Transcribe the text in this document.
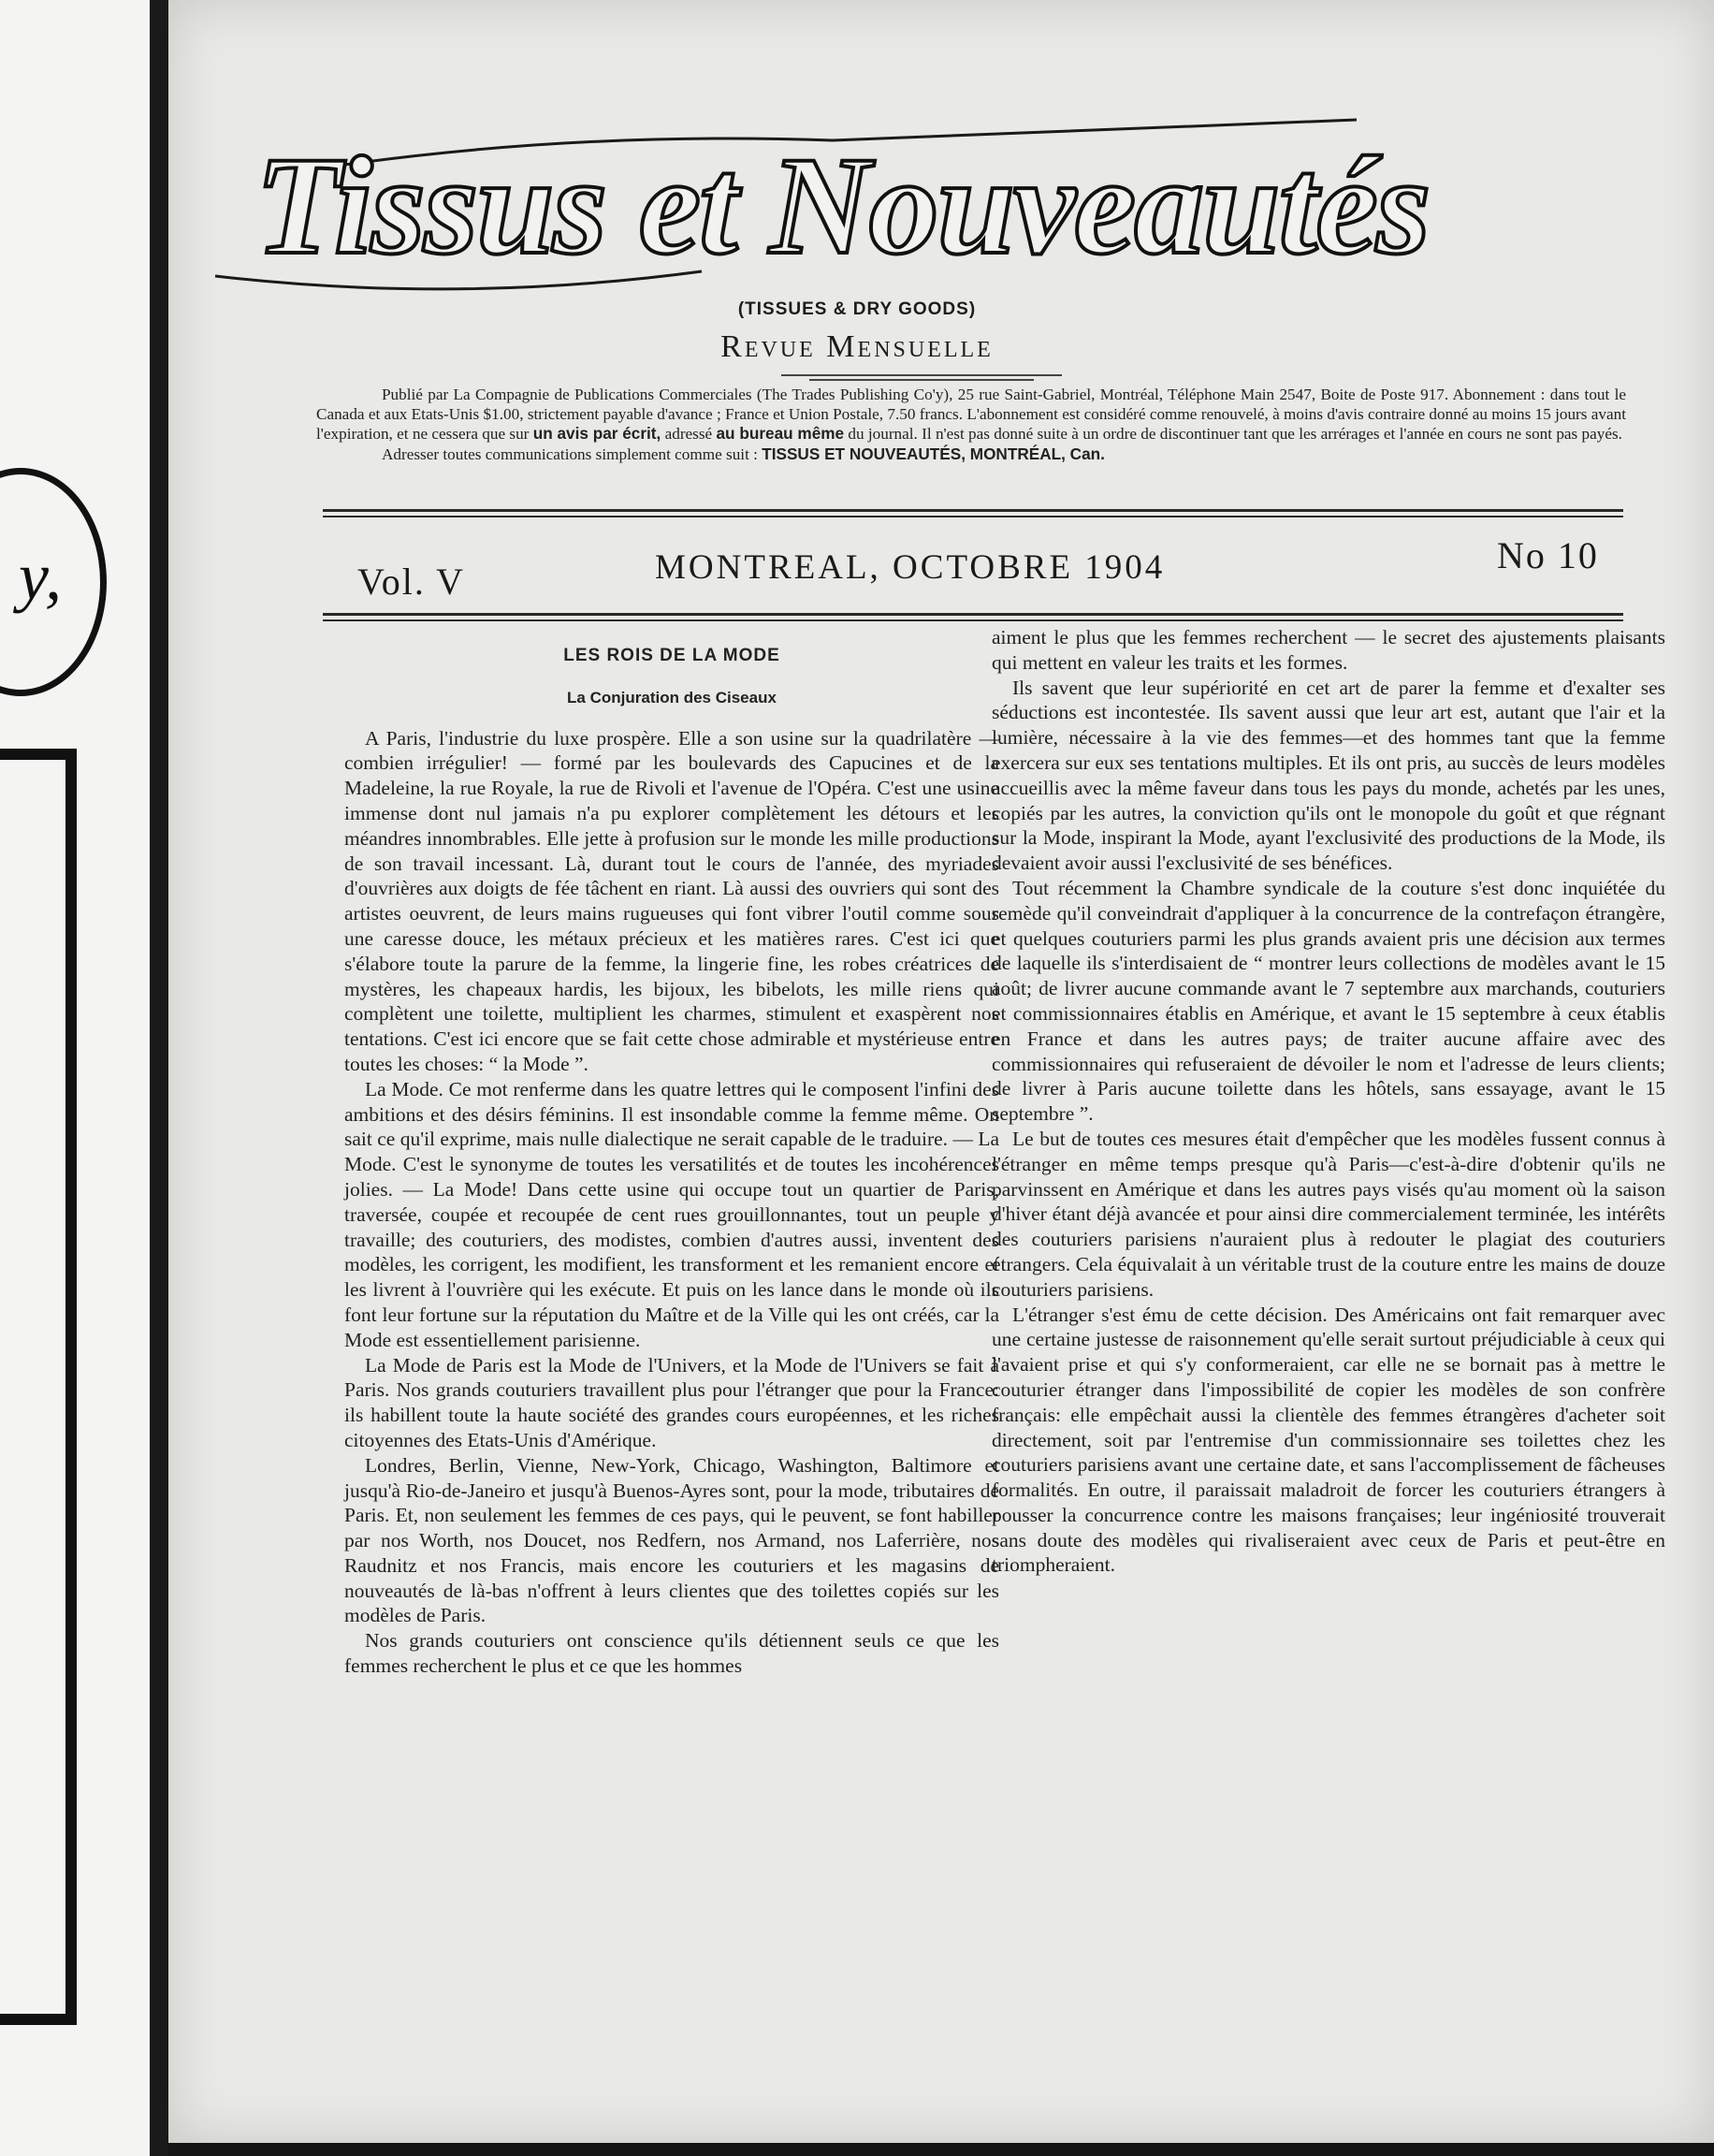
y,
Tissus et Nouveautés
(TISSUES & DRY GOODS)
Revue Mensuelle
Publié par La Compagnie de Publications Commerciales (The Trades Publishing Co'y), 25 rue Saint-Gabriel, Montréal, Téléphone Main 2547, Boite de Poste 917. Abonnement : dans tout le Canada et aux Etats-Unis $1.00, strictement payable d'avance ; France et Union Postale, 7.50 francs. L'abonnement est considéré comme renouvelé, à moins d'avis contraire donné au moins 15 jours avant l'expiration, et ne cessera que sur un avis par écrit, adressé au bureau même du journal. Il n'est pas donné suite à un ordre de discontinuer tant que les arrérages et l'année en cours ne sont pas payés.
Adresser toutes communications simplement comme suit : TISSUS ET NOUVEAUTÉS, MONTRÉAL, Can.
Vol. V	MONTREAL, OCTOBRE 1904	No 10
LES ROIS DE LA MODE
La Conjuration des Ciseaux

A Paris, l'industrie du luxe prospère. Elle a son usine sur la quadrilatère — combien irrégulier! — formé par les boulevards des Capucines et de la Madeleine, la rue Royale, la rue de Rivoli et l'avenue de l'Opéra. C'est une usine immense dont nul jamais n'a pu explorer complètement les détours et les méandres innombrables. Elle jette à profusion sur le monde les mille productions de son travail incessant. Là, durant tout le cours de l'année, des myriades d'ouvrières aux doigts de fée tâchent en riant. Là aussi des ouvriers qui sont des artistes oeuvrent, de leurs mains rugueuses qui font vibrer l'outil comme sous une caresse douce, les métaux précieux et les matières rares. C'est ici que s'élabore toute la parure de la femme, la lingerie fine, les robes créatrices de mystères, les chapeaux hardis, les bijoux, les bibelots, les mille riens qui complètent une toilette, multiplient les charmes, stimulent et exaspèrent nos tentations. C'est ici encore que se fait cette chose admirable et mystérieuse entre toutes les choses: “ la Mode ”.

La Mode. Ce mot renferme dans les quatre lettres qui le composent l'infini des ambitions et des désirs féminins. Il est insondable comme la femme même. On sait ce qu'il exprime, mais nulle dialectique ne serait capable de le traduire. — La Mode. C'est le synonyme de toutes les versatilités et de toutes les incohérences jolies. — La Mode! Dans cette usine qui occupe tout un quartier de Paris, traversée, coupée et recoupée de cent rues grouillonnantes, tout un peuple y travaille; des couturiers, des modistes, combien d'autres aussi, inventent des modèles, les corrigent, les modifient, les transforment et les remanient encore et les livrent à l'ouvrière qui les exécute. Et puis on les lance dans le monde où ils font leur fortune sur la réputation du Maître et de la Ville qui les ont créés, car la Mode est essentiellement parisienne.

La Mode de Paris est la Mode de l'Univers, et la Mode de l'Univers se fait à Paris. Nos grands couturiers travaillent plus pour l'étranger que pour la France: ils habillent toute la haute société des grandes cours européennes, et les riches citoyennes des Etats-Unis d'Amérique.

Londres, Berlin, Vienne, New-York, Chicago, Washington, Baltimore et jusqu'à Rio-de-Janeiro et jusqu'à Buenos-Ayres sont, pour la mode, tributaires de Paris. Et, non seulement les femmes de ces pays, qui le peuvent, se font habiller par nos Worth, nos Doucet, nos Redfern, nos Armand, nos Laferrière, nos Raudnitz et nos Francis, mais encore les couturiers et les magasins de nouveautés de là-bas n'offrent à leurs clientes que des toilettes copiés sur les modèles de Paris.

Nos grands couturiers ont conscience qu'ils détiennent seuls ce que les femmes recherchent le plus et ce que les hommes

aiment le plus que les femmes recherchent — le secret des ajustements plaisants qui mettent en valeur les traits et les formes.

Ils savent que leur supériorité en cet art de parer la femme et d'exalter ses séductions est incontestée. Ils savent aussi que leur art est, autant que l'air et la lumière, nécessaire à la vie des femmes—et des hommes tant que la femme exercera sur eux ses tentations multiples. Et ils ont pris, au succès de leurs modèles accueillis avec la même faveur dans tous les pays du monde, achetés par les unes, copiés par les autres, la conviction qu'ils ont le monopole du goût et que régnant sur la Mode, inspirant la Mode, ayant l'exclusivité des productions de la Mode, ils devaient avoir aussi l'exclusivité de ses bénéfices.

Tout récemment la Chambre syndicale de la couture s'est donc inquiétée du remède qu'il conveindrait d'appliquer à la concurrence de la contrefaçon étrangère, et quelques couturiers parmi les plus grands avaient pris une décision aux termes de laquelle ils s'interdisaient de “ montrer leurs collections de modèles avant le 15 août; de livrer aucune commande avant le 7 septembre aux marchands, couturiers et commissionnaires établis en Amérique, et avant le 15 septembre à ceux établis en France et dans les autres pays; de traiter aucune affaire avec des commissionnaires qui refuseraient de dévoiler le nom et l'adresse de leurs clients; de livrer à Paris aucune toilette dans les hôtels, sans essayage, avant le 15 septembre ”.

Le but de toutes ces mesures était d'empêcher que les modèles fussent connus à l'étranger en même temps presque qu'à Paris—c'est-à-dire d'obtenir qu'ils ne parvinssent en Amérique et dans les autres pays visés qu'au moment où la saison d'hiver étant déjà avancée et pour ainsi dire commercialement terminée, les intérêts des couturiers parisiens n'auraient plus à redouter le plagiat des couturiers étrangers. Cela équivalait à un véritable trust de la couture entre les mains de douze couturiers parisiens.

L'étranger s'est ému de cette décision. Des Américains ont fait remarquer avec une certaine justesse de raisonnement qu'elle serait surtout préjudiciable à ceux qui l'avaient prise et qui s'y conformeraient, car elle ne se bornait pas à mettre le couturier étranger dans l'impossibilité de copier les modèles de son confrère français: elle empêchait aussi la clientèle des femmes étrangères d'acheter soit directement, soit par l'entremise d'un commissionnaire ses toilettes chez les couturiers parisiens avant une certaine date, et sans l'accomplissement de fâcheuses formalités. En outre, il paraissait maladroit de forcer les couturiers étrangers à pousser la concurrence contre les maisons françaises; leur ingéniosité trouverait sans doute des modèles qui rivaliseraient avec ceux de Paris et peut-être en triompheraient.
